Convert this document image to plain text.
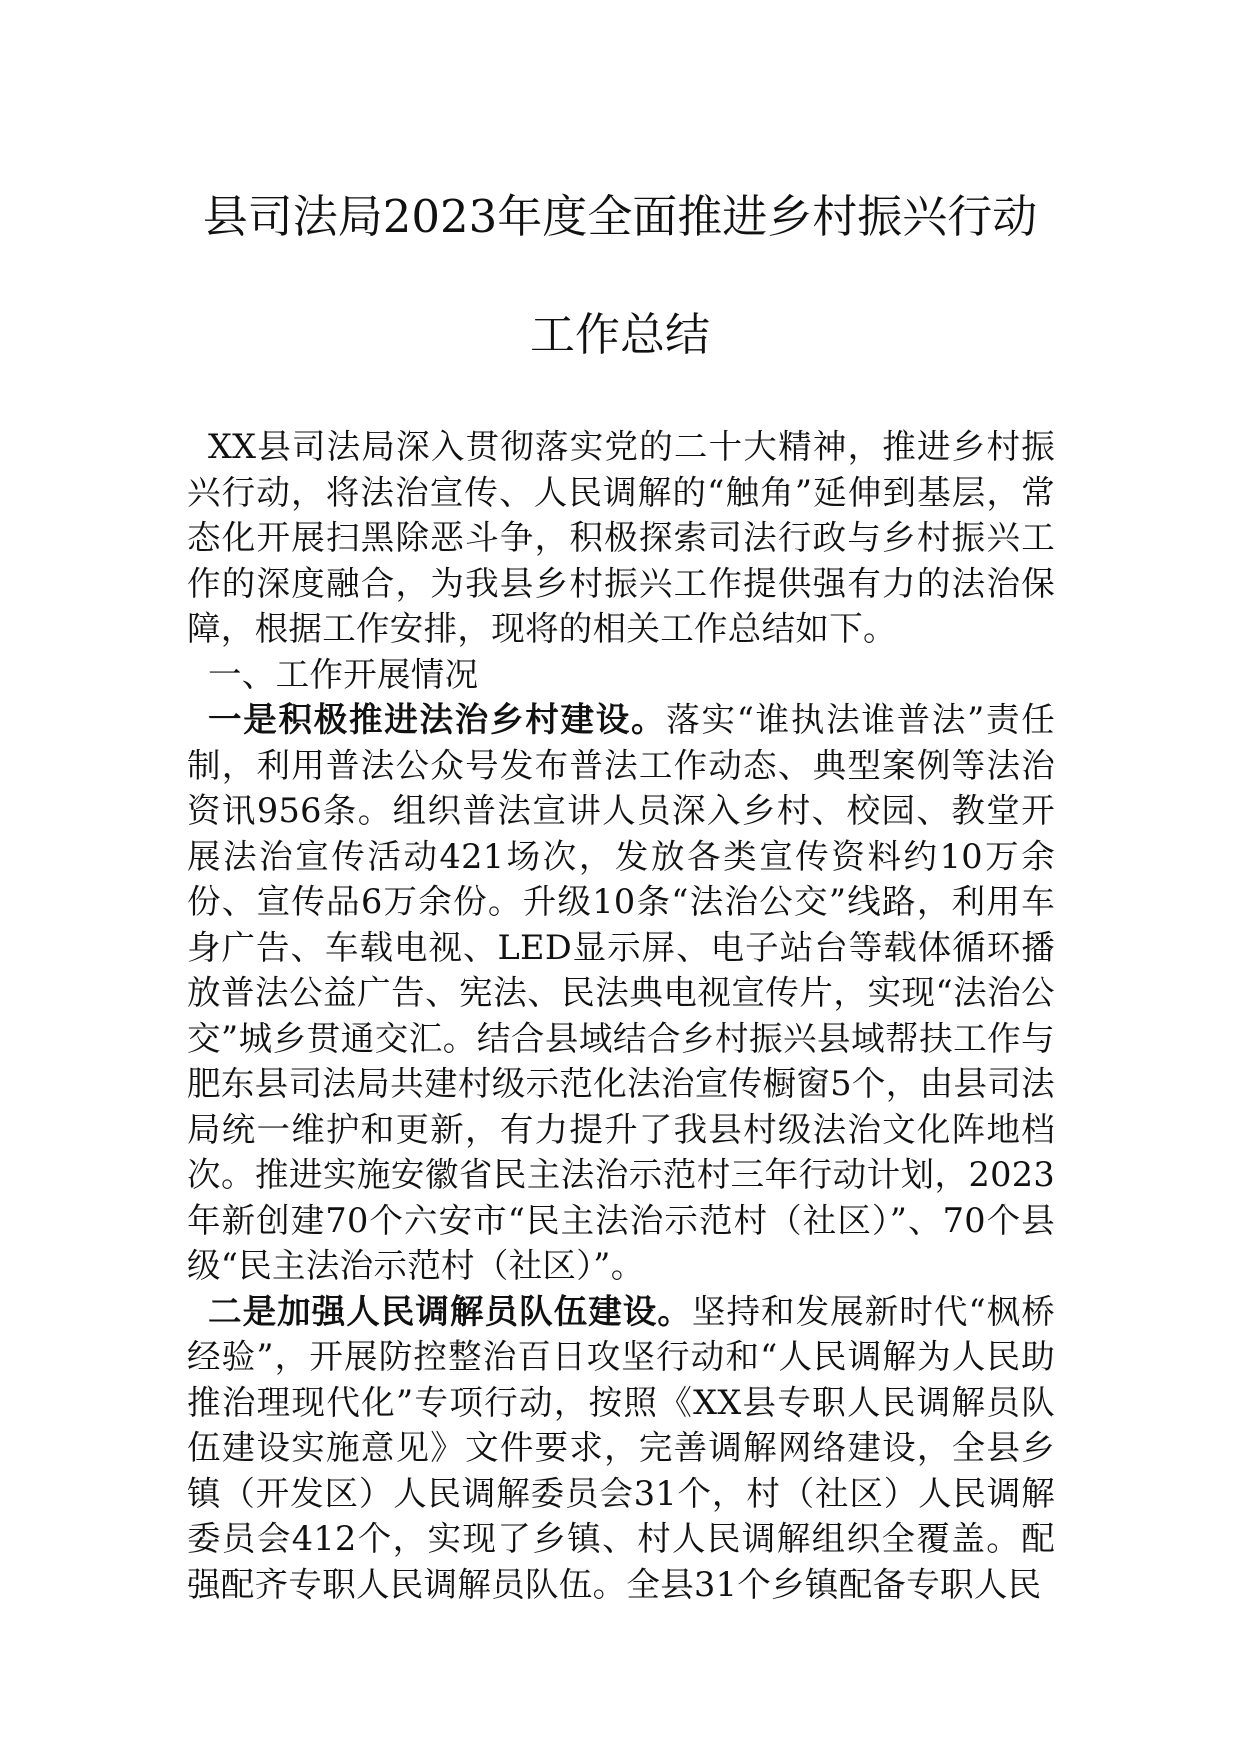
县司法局2023年度全面推进乡村振兴行动
工作总结

XX县司法局深入贯彻落实党的二十大精神，推进乡村振兴行动，将法治宣传、人民调解的“触角”延伸到基层，常态化开展扫黑除恶斗争，积极探索司法行政与乡村振兴工作的深度融合，为我县乡村振兴工作提供强有力的法治保障，根据工作安排，现将的相关工作总结如下。

一、工作开展情况

一是积极推进法治乡村建设。落实“谁执法谁普法”责任制，利用普法公众号发布普法工作动态、典型案例等法治资讯956条。组织普法宣讲人员深入乡村、校园、教堂开展法治宣传活动421场次，发放各类宣传资料约10万余份、宣传品6万余份。升级10条“法治公交”线路，利用车身广告、车载电视、LED显示屏、电子站台等载体循环播放普法公益广告、宪法、民法典电视宣传片，实现“法治公交”城乡贯通交汇。结合县域结合乡村振兴县域帮扶工作与肥东县司法局共建村级示范化法治宣传橱窗5个，由县司法局统一维护和更新，有力提升了我县村级法治文化阵地档次。推进实施安徽省民主法治示范村三年行动计划，2023年新创建70个六安市“民主法治示范村（社区）”、70个县级“民主法治示范村（社区）”。

二是加强人民调解员队伍建设。坚持和发展新时代“枫桥经验”，开展防控整治百日攻坚行动和“人民调解为人民助推治理现代化”专项行动，按照《XX县专职人民调解员队伍建设实施意见》文件要求，完善调解网络建设，全县乡镇（开发区）人民调解委员会31个，村（社区）人民调解委员会412个，实现了乡镇、村人民调解组织全覆盖。配强配齐专职人民调解员队伍。全县31个乡镇配备专职人民
